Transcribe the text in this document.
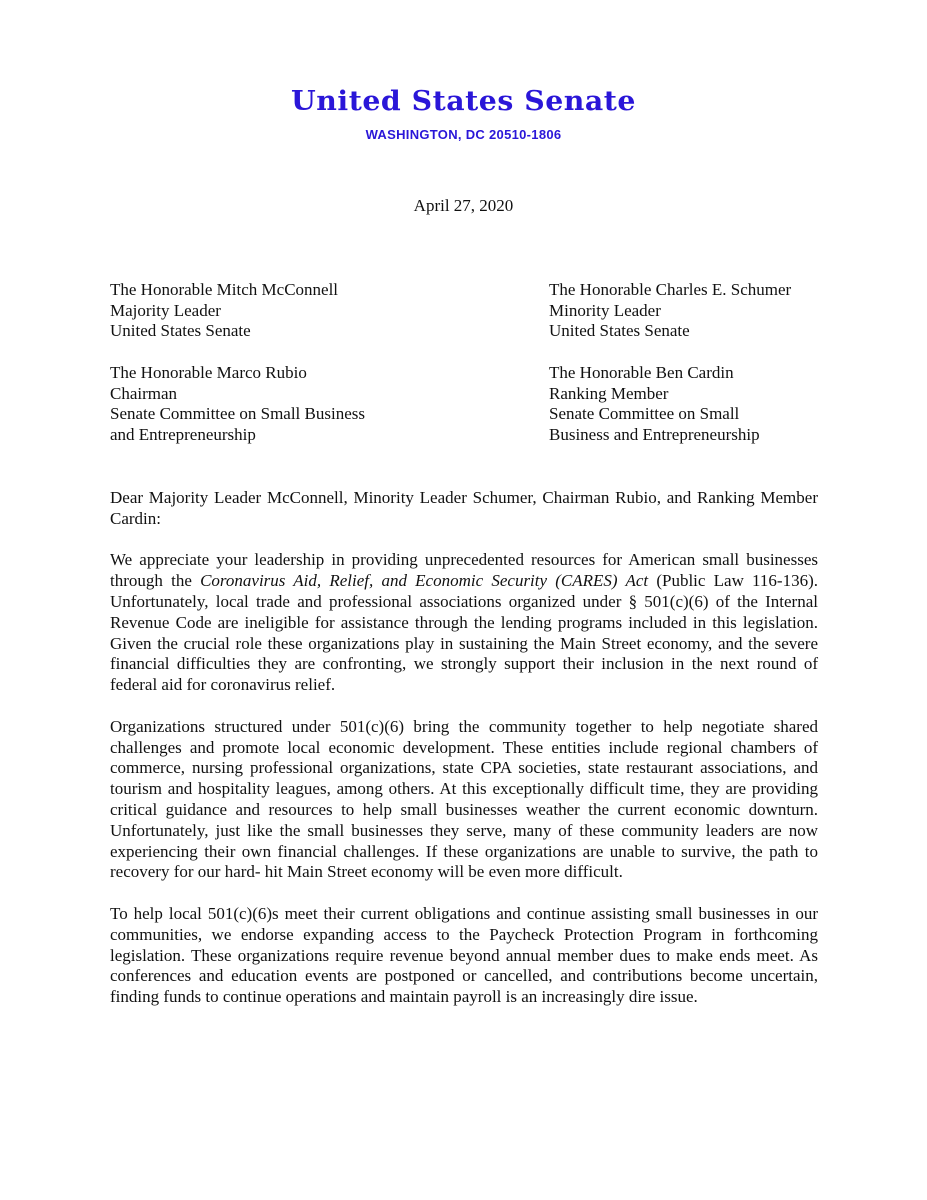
United States Senate
WASHINGTON, DC 20510-1806
April 27, 2020
The Honorable Mitch McConnell
Majority Leader
United States Senate
The Honorable Marco Rubio
Chairman
Senate Committee on Small Business
and Entrepreneurship
The Honorable Charles E. Schumer
Minority Leader
United States Senate
The Honorable Ben Cardin
Ranking Member
Senate Committee on Small
Business and Entrepreneurship

Dear Majority Leader McConnell, Minority Leader Schumer, Chairman Rubio, and Ranking Member Cardin:

We appreciate your leadership in providing unprecedented resources for American small businesses through the Coronavirus Aid, Relief, and Economic Security (CARES) Act (Public Law 116-136). Unfortunately, local trade and professional associations organized under § 501(c)(6) of the Internal Revenue Code are ineligible for assistance through the lending programs included in this legislation. Given the crucial role these organizations play in sustaining the Main Street economy, and the severe financial difficulties they are confronting, we strongly support their inclusion in the next round of federal aid for coronavirus relief.

Organizations structured under 501(c)(6) bring the community together to help negotiate shared challenges and promote local economic development. These entities include regional chambers of commerce, nursing professional organizations, state CPA societies, state restaurant associations, and tourism and hospitality leagues, among others. At this exceptionally difficult time, they are providing critical guidance and resources to help small businesses weather the current economic downturn. Unfortunately, just like the small businesses they serve, many of these community leaders are now experiencing their own financial challenges. If these organizations are unable to survive, the path to recovery for our hard- hit Main Street economy will be even more difficult.

To help local 501(c)(6)s meet their current obligations and continue assisting small businesses in our communities, we endorse expanding access to the Paycheck Protection Program in forthcoming legislation. These organizations require revenue beyond annual member dues to make ends meet. As conferences and education events are postponed or cancelled, and contributions become uncertain, finding funds to continue operations and maintain payroll is an increasingly dire issue.
